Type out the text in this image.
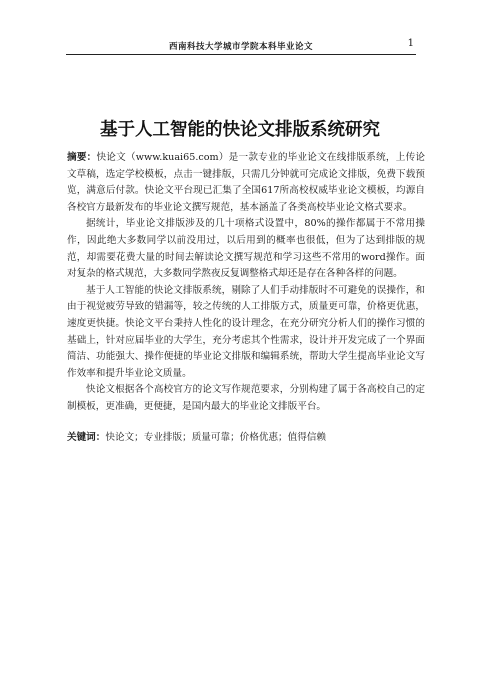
西南科技大学城市学院本科毕业论文	1
基于人工智能的快论文排版系统研究

摘要：快论文（www.kuai65.com）是一款专业的毕业论文在线排版系统，上传论文草稿，选定学校模板，点击一键排版，只需几分钟就可完成论文排版，免费下载预览，满意后付款。快论文平台现已汇集了全国617所高校权威毕业论文模板，均源自各校官方最新发布的毕业论文撰写规范，基本涵盖了各类高校毕业论文格式要求。

据统计，毕业论文排版涉及的几十项格式设置中，80%的操作都属于不常用操作，因此绝大多数同学以前没用过，以后用到的概率也很低，但为了达到排版的规范，却需要花费大量的时间去解读论文撰写规范和学习这些不常用的word操作。面对复杂的格式规范，大多数同学熬夜反复调整格式却还是存在各种各样的问题。

基于人工智能的快论文排版系统，剔除了人们手动排版时不可避免的误操作，和由于视觉疲劳导致的错漏等，较之传统的人工排版方式，质量更可靠，价格更优惠，速度更快捷。快论文平台秉持人性化的设计理念，在充分研究分析人们的操作习惯的基础上，针对应届毕业的大学生，充分考虑其个性需求，设计并开发完成了一个界面简洁、功能强大、操作便捷的毕业论文排版和编辑系统，帮助大学生提高毕业论文写作效率和提升毕业论文质量。

快论文根据各个高校官方的论文写作规范要求，分别构建了属于各高校自己的定制模板，更准确，更便捷，是国内最大的毕业论文排版平台。

关键词：快论文；专业排版；质量可靠；价格优惠；值得信赖
